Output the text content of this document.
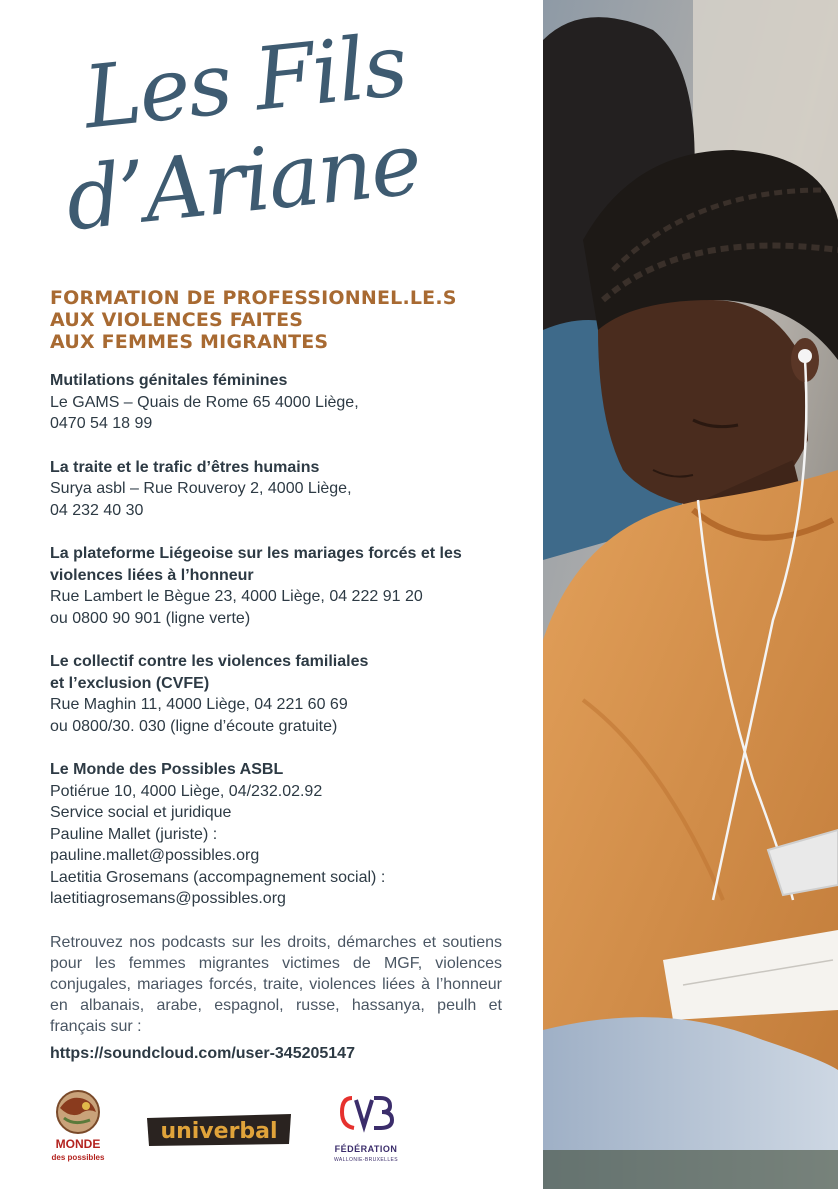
Les Fils
d’Ariane
FORMATION DE PROFESSIONNEL.LE.S
AUX VIOLENCES FAITES
AUX FEMMES MIGRANTES
Mutilations génitales féminines
Le GAMS – Quais de Rome 65 4000 Liège,
0470 54 18 99
La traite et le trafic d’êtres humains
Surya asbl – Rue Rouveroy 2, 4000 Liège,
04 232 40 30
La plateforme Liégeoise sur les mariages forcés et les
violences liées à l’honneur
Rue Lambert le Bègue 23, 4000 Liège, 04 222 91 20
ou 0800 90 901 (ligne verte)
Le collectif contre les violences familiales
et l’exclusion (CVFE)
Rue Maghin 11, 4000 Liège, 04 221 60 69
ou 0800/30. 030 (ligne d’écoute gratuite)
Le Monde des Possibles ASBL
Potiérue 10, 4000 Liège, 04/232.02.92
Service social et juridique
Pauline Mallet (juriste) :
pauline.mallet@possibles.org
Laetitia Grosemans (accompagnement social) :
laetitiagrosemans@possibles.org
Retrouvez nos podcasts sur les droits, démarches et soutiens pour les femmes migrantes victimes de MGF, violences conjugales, mariages forcés, traite, violences liées à l’honneur en albanais, arabe, espagnol, russe, hassanya, peulh et français sur :
https://soundcloud.com/user-345205147
MONDE
des possibles
univerbal
FÉDÉRATION
WALLONIE-BRUXELLES
